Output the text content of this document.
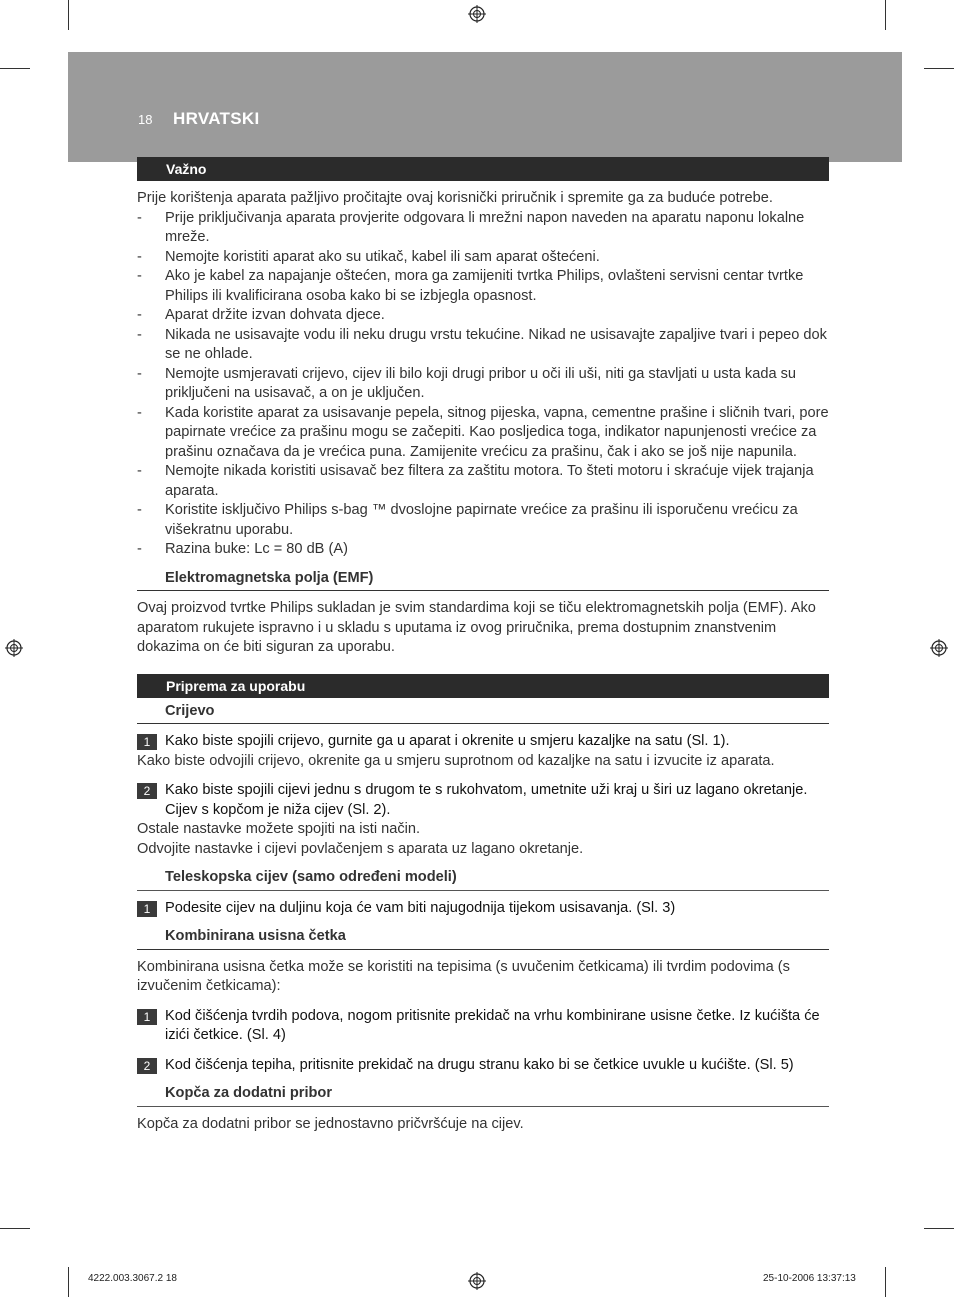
18 HRVATSKI
Važno

Prije korištenja aparata pažljivo pročitajte ovaj korisnički priručnik i spremite ga za buduće potrebe.

- Prije priključivanja aparata provjerite odgovara li mrežni napon naveden na aparatu naponu lokalne mreže.
- Nemojte koristiti aparat ako su utikač, kabel ili sam aparat oštećeni.
- Ako je kabel za napajanje oštećen, mora ga zamijeniti tvrtka Philips, ovlašteni servisni centar tvrtke Philips ili kvalificirana osoba kako bi se izbjegla opasnost.
- Aparat držite izvan dohvata djece.
- Nikada ne usisavajte vodu ili neku drugu vrstu tekućine. Nikad ne usisavajte zapaljive tvari i pepeo dok se ne ohlade.
- Nemojte usmjeravati crijevo, cijev ili bilo koji drugi pribor u oči ili uši, niti ga stavljati u usta kada su priključeni na usisavač, a on je uključen.
- Kada koristite aparat za usisavanje pepela, sitnog pijeska, vapna, cementne prašine i sličnih tvari, pore papirnate vrećice za prašinu mogu se začepiti. Kao posljedica toga, indikator napunjenosti vrećice za prašinu označava da je vrećica puna. Zamijenite vrećicu za prašinu, čak i ako se još nije napunila.
- Nemojte nikada koristiti usisavač bez filtera za zaštitu motora. To šteti motoru i skraćuje vijek trajanja aparata.
- Koristite isključivo Philips s-bag ™ dvoslojne papirnate vrećice za prašinu ili isporučenu vrećicu za višekratnu uporabu.
- Razina buke: Lc = 80 dB (A)
Elektromagnetska polja (EMF)

Ovaj proizvod tvrtke Philips sukladan je svim standardima koji se tiču elektromagnetskih polja (EMF). Ako aparatom rukujete ispravno i u skladu s uputama iz ovog priručnika, prema dostupnim znanstvenim dokazima on će biti siguran za uporabu.

Priprema za uporabu
Crijevo
1	Kako biste spojili crijevo, gurnite ga u aparat i okrenite u smjeru kazaljke na satu (Sl. 1).

Kako biste odvojili crijevo, okrenite ga u smjeru suprotnom od kazaljke na satu i izvucite iz aparata.

2	Kako biste spojili cijevi jednu s drugom te s rukohvatom, umetnite uži kraj u širi uz lagano okretanje. Cijev s kopčom je niža cijev (Sl. 2).

Ostale nastavke možete spojiti na isti način.

Odvojite nastavke i cijevi povlačenjem s aparata uz lagano okretanje.

Teleskopska cijev (samo određeni modeli)
1	Podesite cijev na duljinu koja će vam biti najugodnija tijekom usisavanja. (Sl. 3)
Kombinirana usisna četka

Kombinirana usisna četka može se koristiti na tepisima (s uvučenim četkicama) ili tvrdim podovima (s izvučenim četkicama):

1	Kod čišćenja tvrdih podova, nogom pritisnite prekidač na vrhu kombinirane usisne četke. Iz kućišta će izići četkice. (Sl. 4)
2	Kod čišćenja tepiha, pritisnite prekidač na drugu stranu kako bi se četkice uvukle u kućište. (Sl. 5)
Kopča za dodatni pribor

Kopča za dodatni pribor se jednostavno pričvršćuje na cijev.

4222.003.3067.2 18	25-10-2006 13:37:13
